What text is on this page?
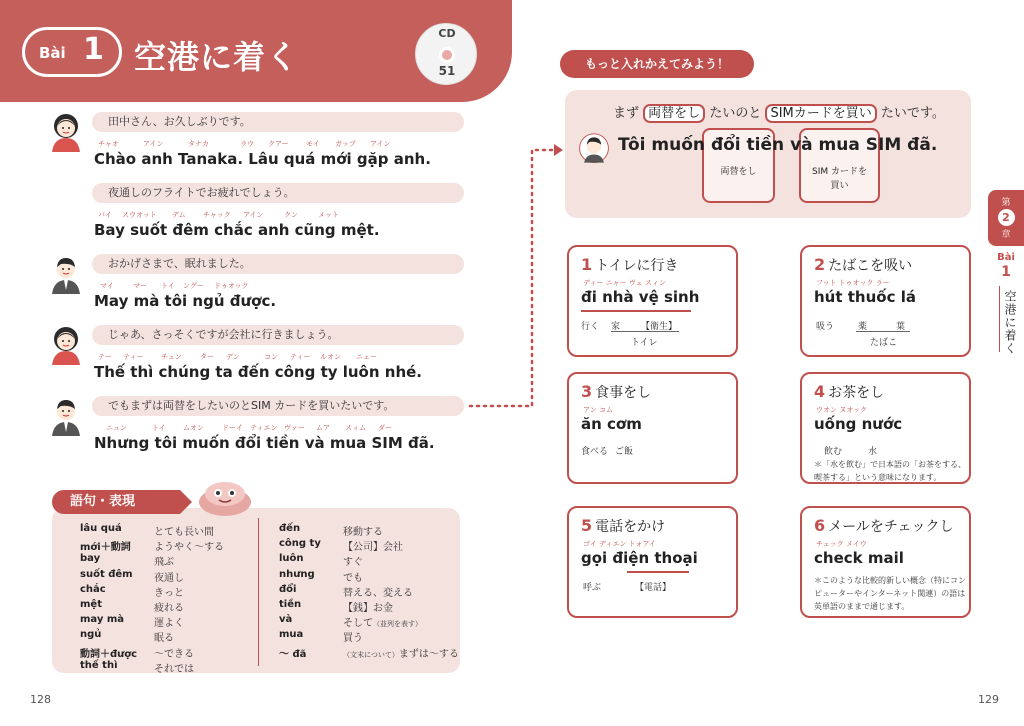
Bài 1 空港に着く
CD
51
田中さん、お久しぶりです。
チャオ	アイン	タナカ	ラウ クアー モイ ガップ アイン
Chào anh Tanaka. Lâu quá mới gặp anh.
夜通しのフライトでお疲れでしょう。
バイ スウオット デム チャック アイン	クン	メット
Bay suốt đêm chắc anh cũng mệt.
おかげさまで、眠れました。
マイ	マー トイ ングー ドゥオック
May mà tôi ngủ được.
じゃあ、さっそくですが会社に行きましょう。
テー ティー	チュン	ター デン	コン ティー ルオン ニェー
Thế thì chúng ta đến công ty luôn nhé.
でもまずは両替をしたいのとSIM カードを買いたいです。
ニュン	トイ ムオン	ドーイ ティエン ヴァー ムア スィム ダー
Nhưng tôi muốn đổi tiền và mua SIM đã.
語句・表現
lâu quá	とても長い間
mới＋動詞 ようやく〜する
bay	飛ぶ
suốt đêm 夜通し
chắc	きっと
mệt	疲れる
may mà	運よく
ngủ	眠る
動詞＋được 〜できる
thế thì	それでは
đến	移動する
công ty 【公司】会社
luôn	すぐ
nhưng	でも
đổi	替える、変える
tiền	【銭】お金
và	そして（並列を表す）
mua	買う
〜 đã	（文末について）まずは〜する
128
もっと入れかえてみよう！
まず 両替をし たいのと SIMカードを買い たいです。
Tôi muốn đổi tiền và mua SIM đã.
両替をし	SIM カードを
買い
1 トイレに行き
ディー ニャー ヴェ スィン
đi nhà vệ sinh
行く 家 【衛生】
トイレ
2 たばこを吸い
フット トゥオック ラー
hút thuốc lá
吸う	薬	葉
たばこ
3 食事をし
アン コム
ăn cơm
食べる ご飯
4 お茶をし
ウオン ヌオック
uống nước
飲む	水
＊「水を飲む」で日本語の「お茶をする、喫茶する」という意味になります。
5 電話をかけ
ゴイ ディエン トォアイ
gọi điện thoại
呼ぶ	【電話】
6 メールをチェックし
チェック メイウ
check mail
＊このような比較的新しい概念（特にコンピューターやインターネット関連）の語は英単語のままで通じます。
第
2
章
Bài
1
空港に着く
129
